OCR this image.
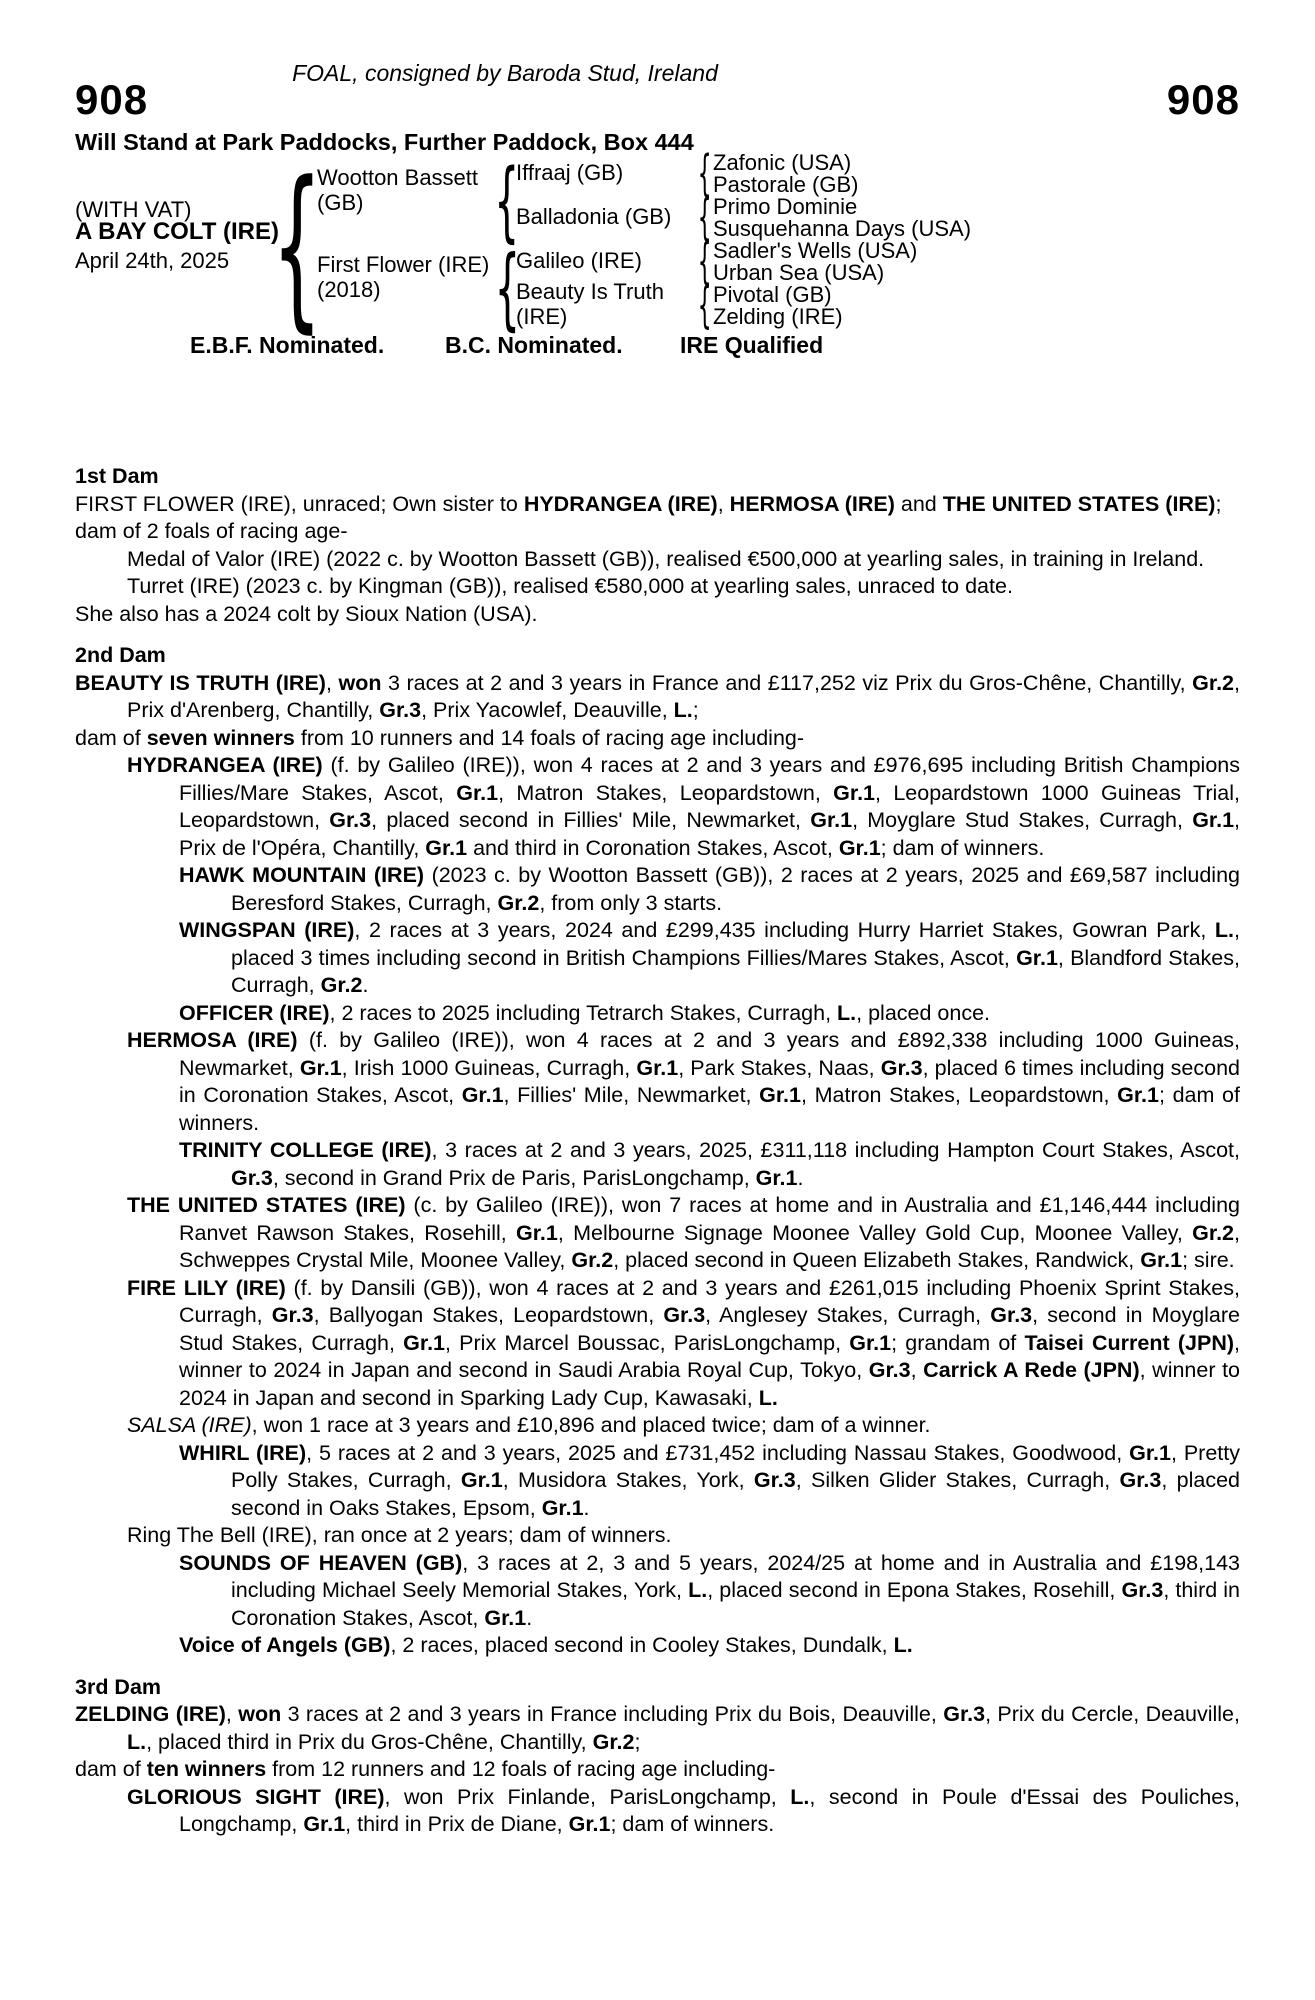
FOAL, consigned by Baroda Stud, Ireland
908	908
Will Stand at Park Paddocks, Further Paddock, Box 444
(WITH VAT)
A BAY COLT (IRE)
April 24th, 2025 {
Wootton Bassett (GB)
First Flower (IRE) (2018)
{
{
Iffraaj (GB)
Balladonia (GB)
Galileo (IRE)
Beauty Is Truth (IRE)
{
{
{
{
Zafonic (USA)
Pastorale (GB)
Primo Dominie
Susquehanna Days (USA)
Sadler's Wells (USA)
Urban Sea (USA)
Pivotal (GB)
Zelding (IRE)
E.B.F. Nominated.	B.C. Nominated. IRE Qualified
1st Dam
FIRST FLOWER (IRE), unraced; Own sister to HYDRANGEA (IRE), HERMOSA (IRE) and THE UNITED STATES (IRE);
dam of 2 foals of racing age-
Medal of Valor (IRE) (2022 c. by Wootton Bassett (GB)), realised €500,000 at yearling sales, in training in Ireland.
Turret (IRE) (2023 c. by Kingman (GB)), realised €580,000 at yearling sales, unraced to date.
She also has a 2024 colt by Sioux Nation (USA).
2nd Dam
BEAUTY IS TRUTH (IRE), won 3 races at 2 and 3 years in France and £117,252 viz Prix du Gros-Chêne, Chantilly, Gr.2, Prix d'Arenberg, Chantilly, Gr.3, Prix Yacowlef, Deauville, L.;
dam of seven winners from 10 runners and 14 foals of racing age including-
HYDRANGEA (IRE) (f. by Galileo (IRE)), won 4 races at 2 and 3 years and £976,695 including British Champions Fillies/Mare Stakes, Ascot, Gr.1, Matron Stakes, Leopardstown, Gr.1, Leopardstown 1000 Guineas Trial, Leopardstown, Gr.3, placed second in Fillies' Mile, Newmarket, Gr.1, Moyglare Stud Stakes, Curragh, Gr.1, Prix de l'Opéra, Chantilly, Gr.1 and third in Coronation Stakes, Ascot, Gr.1; dam of winners.
HAWK MOUNTAIN (IRE) (2023 c. by Wootton Bassett (GB)), 2 races at 2 years, 2025 and £69,587 including Beresford Stakes, Curragh, Gr.2, from only 3 starts.
WINGSPAN (IRE), 2 races at 3 years, 2024 and £299,435 including Hurry Harriet Stakes, Gowran Park, L., placed 3 times including second in British Champions Fillies/Mares Stakes, Ascot, Gr.1, Blandford Stakes, Curragh, Gr.2.
OFFICER (IRE), 2 races to 2025 including Tetrarch Stakes, Curragh, L., placed once.
HERMOSA (IRE) (f. by Galileo (IRE)), won 4 races at 2 and 3 years and £892,338 including 1000 Guineas, Newmarket, Gr.1, Irish 1000 Guineas, Curragh, Gr.1, Park Stakes, Naas, Gr.3, placed 6 times including second in Coronation Stakes, Ascot, Gr.1, Fillies' Mile, Newmarket, Gr.1, Matron Stakes, Leopardstown, Gr.1; dam of winners.
TRINITY COLLEGE (IRE), 3 races at 2 and 3 years, 2025, £311,118 including Hampton Court Stakes, Ascot, Gr.3, second in Grand Prix de Paris, ParisLongchamp, Gr.1.
THE UNITED STATES (IRE) (c. by Galileo (IRE)), won 7 races at home and in Australia and £1,146,444 including Ranvet Rawson Stakes, Rosehill, Gr.1, Melbourne Signage Moonee Valley Gold Cup, Moonee Valley, Gr.2, Schweppes Crystal Mile, Moonee Valley, Gr.2, placed second in Queen Elizabeth Stakes, Randwick, Gr.1; sire.
FIRE LILY (IRE) (f. by Dansili (GB)), won 4 races at 2 and 3 years and £261,015 including Phoenix Sprint Stakes, Curragh, Gr.3, Ballyogan Stakes, Leopardstown, Gr.3, Anglesey Stakes, Curragh, Gr.3, second in Moyglare Stud Stakes, Curragh, Gr.1, Prix Marcel Boussac, ParisLongchamp, Gr.1; grandam of Taisei Current (JPN), winner to 2024 in Japan and second in Saudi Arabia Royal Cup, Tokyo, Gr.3, Carrick A Rede (JPN), winner to 2024 in Japan and second in Sparking Lady Cup, Kawasaki, L.
SALSA (IRE), won 1 race at 3 years and £10,896 and placed twice; dam of a winner.
WHIRL (IRE), 5 races at 2 and 3 years, 2025 and £731,452 including Nassau Stakes, Goodwood, Gr.1, Pretty Polly Stakes, Curragh, Gr.1, Musidora Stakes, York, Gr.3, Silken Glider Stakes, Curragh, Gr.3, placed second in Oaks Stakes, Epsom, Gr.1.
Ring The Bell (IRE), ran once at 2 years; dam of winners.
SOUNDS OF HEAVEN (GB), 3 races at 2, 3 and 5 years, 2024/25 at home and in Australia and £198,143 including Michael Seely Memorial Stakes, York, L., placed second in Epona Stakes, Rosehill, Gr.3, third in Coronation Stakes, Ascot, Gr.1.
Voice of Angels (GB), 2 races, placed second in Cooley Stakes, Dundalk, L.
3rd Dam
ZELDING (IRE), won 3 races at 2 and 3 years in France including Prix du Bois, Deauville, Gr.3, Prix du Cercle, Deauville, L., placed third in Prix du Gros-Chêne, Chantilly, Gr.2;
dam of ten winners from 12 runners and 12 foals of racing age including-
GLORIOUS SIGHT (IRE), won Prix Finlande, ParisLongchamp, L., second in Poule d'Essai des Pouliches, Longchamp, Gr.1, third in Prix de Diane, Gr.1; dam of winners.
